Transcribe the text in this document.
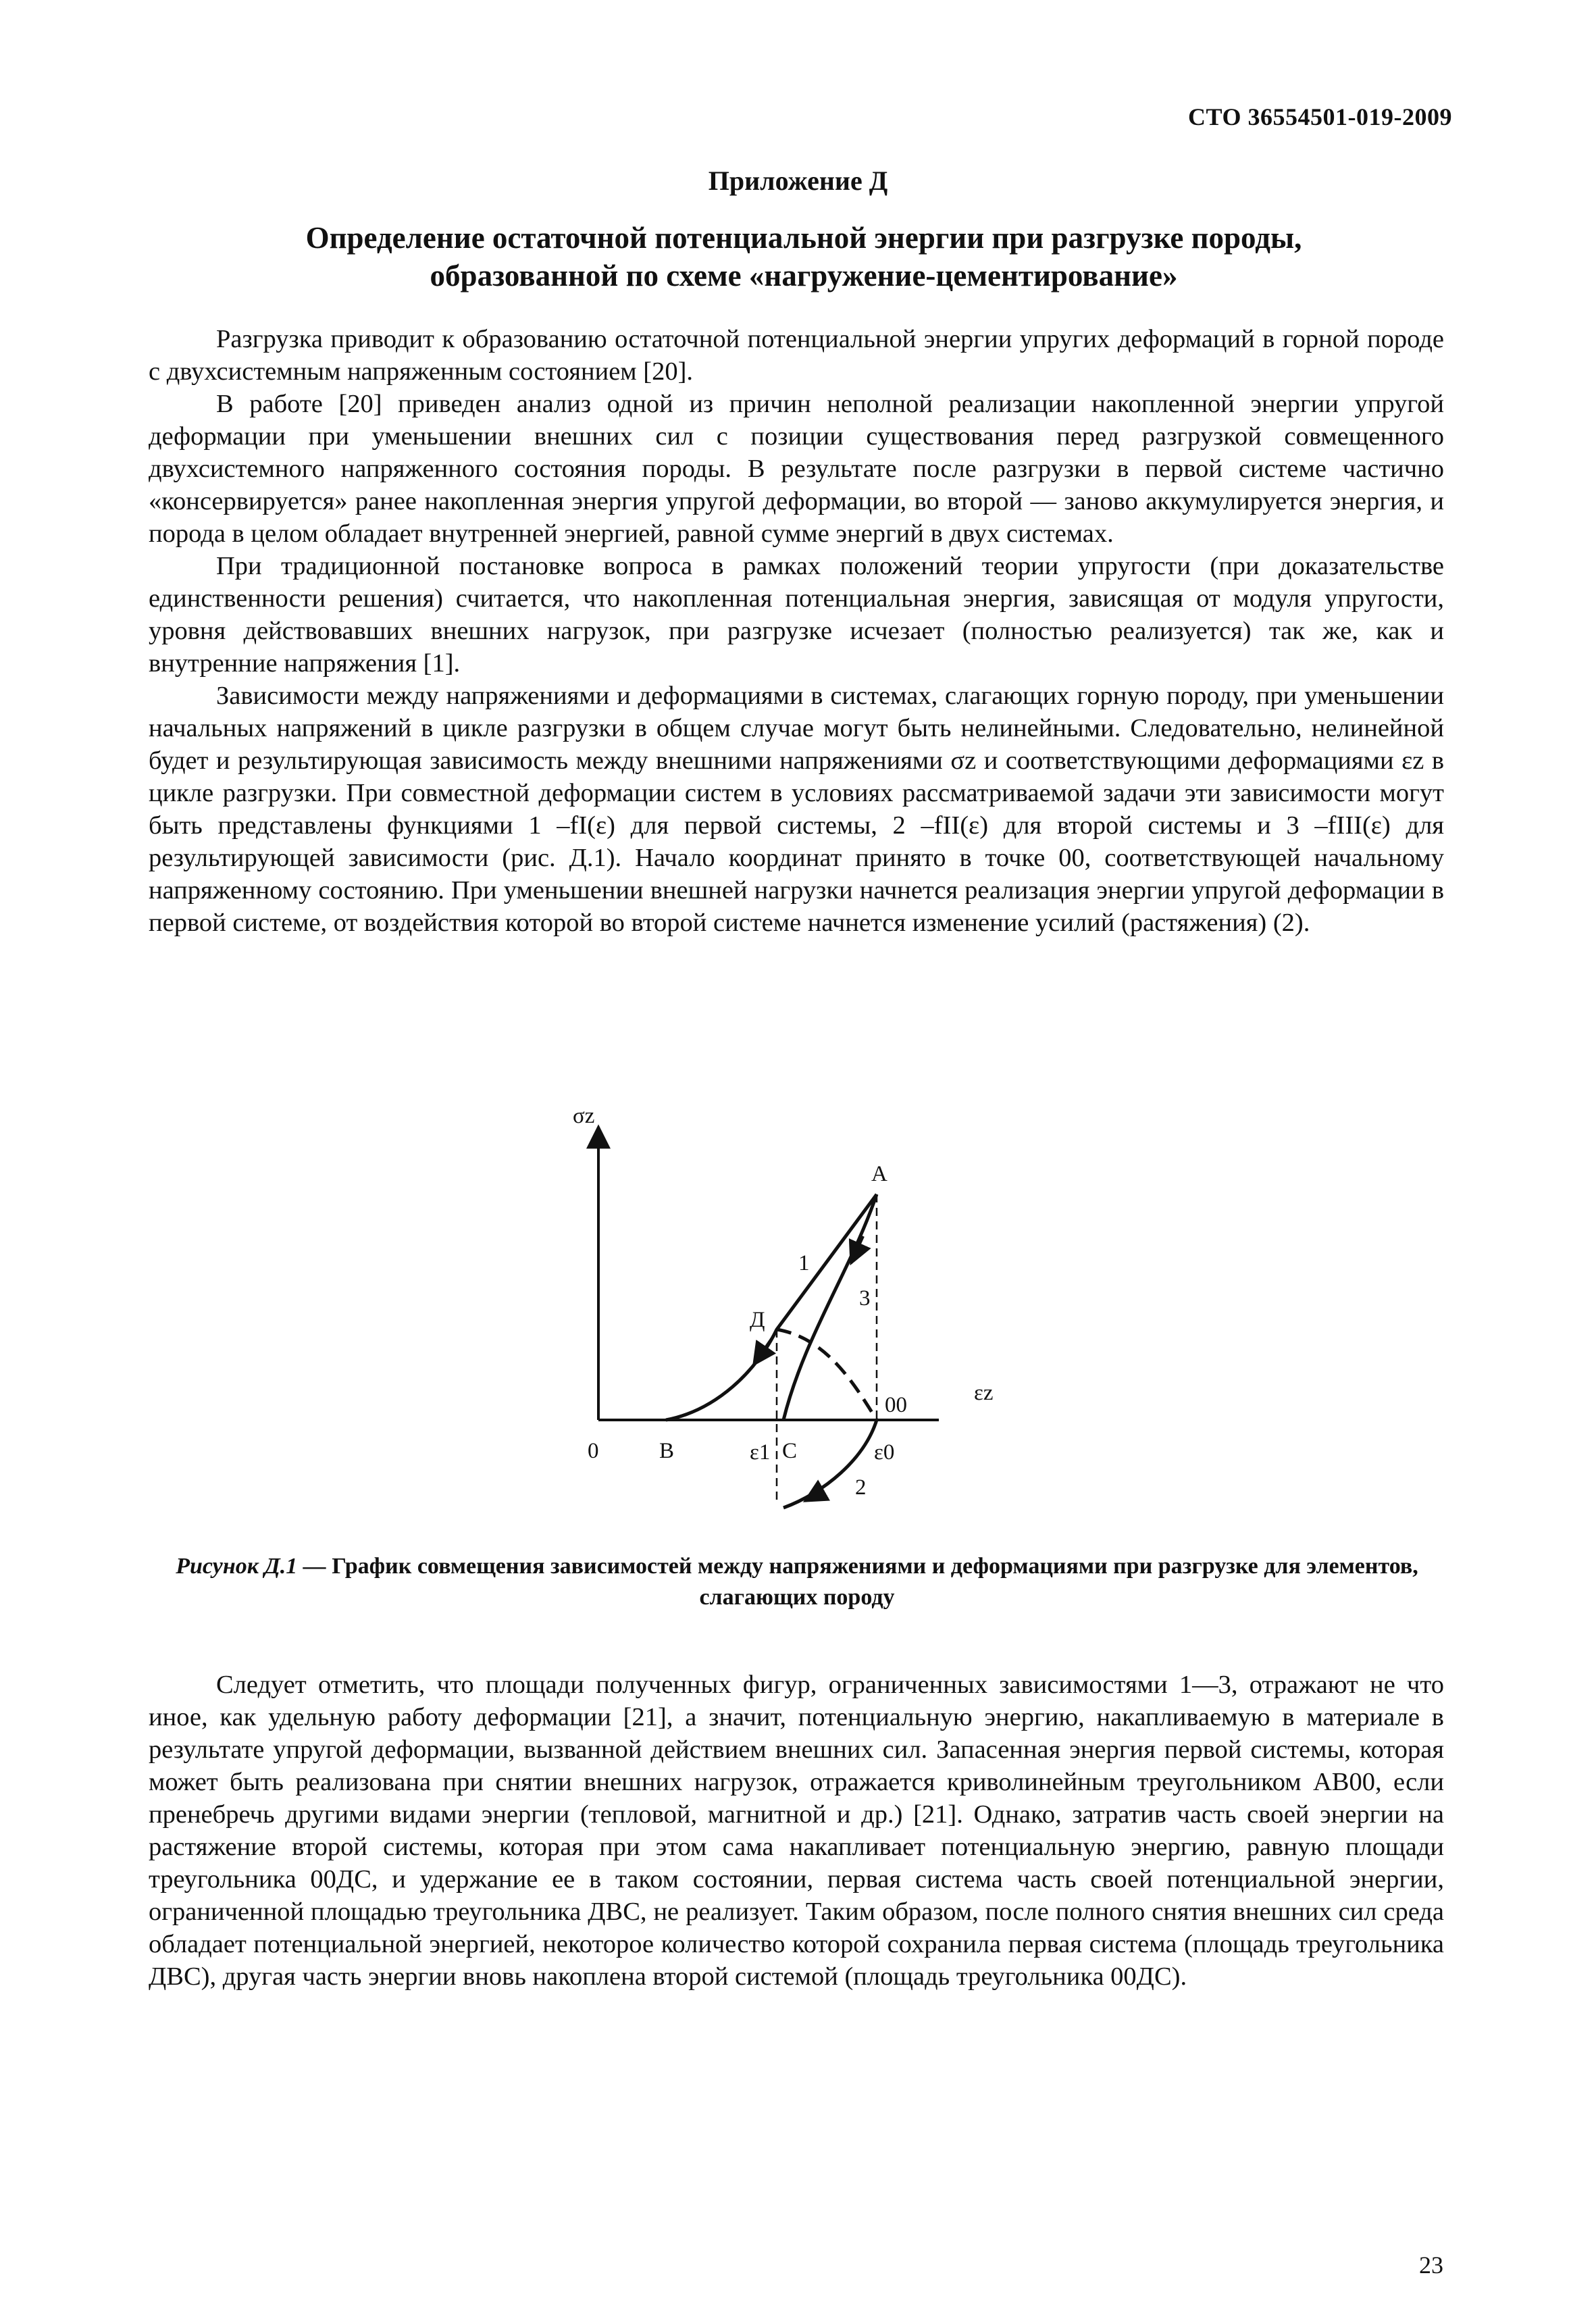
СТО 36554501-019-2009
Приложение Д
Определение остаточной потенциальной энергии при разгрузке породы,
образованной по схеме «нагружение-цементирование»

Разгрузка приводит к образованию остаточной потенциальной энергии упругих деформаций в горной породе с двухсистемным напряженным состоянием [20].

В работе [20] приведен анализ одной из причин неполной реализации накопленной энергии упругой деформации при уменьшении внешних сил с позиции существования перед разгрузкой совмещенного двухсистемного напряженного состояния породы. В результате после разгрузки в первой системе частично «консервируется» ранее накопленная энергия упругой деформации, во второй — заново аккумулируется энергия, и порода в целом обладает внутренней энергией, равной сумме энергий в двух системах.

При традиционной постановке вопроса в рамках положений теории упругости (при доказательстве единственности решения) считается, что накопленная потенциальная энергия, зависящая от модуля упругости, уровня действовавших внешних нагрузок, при разгрузке исчезает (полностью реализуется) так же, как и внутренние напряжения [1].

Зависимости между напряжениями и деформациями в системах, слагающих горную породу, при уменьшении начальных напряжений в цикле разгрузки в общем случае могут быть нелинейными. Следовательно, нелинейной будет и результирующая зависимость между внешними напряжениями σz и соответствующими деформациями εz в цикле разгрузки. При совместной деформации систем в условиях рассматриваемой задачи эти зависимости могут быть представлены функциями 1 –fI(ε) для первой системы, 2 –fII(ε) для второй системы и 3 –fIII(ε) для результирующей зависимости (рис. Д.1). Начало координат принято в точке 00, соответствующей начальному напряженному состоянию. При уменьшении внешней нагрузки начнется реализация энергии упругой деформации в первой системе, от воздействия которой во второй системе начнется изменение усилий (растяжения) (2).

σz
εz
0
A
Д
B	ε1 C	ε0
00
1
3
2
Рисунок Д.1 — График совмещения зависимостей между напряжениями и деформациями при разгрузке для элементов, слагающих породу

Следует отметить, что площади полученных фигур, ограниченных зависимостями 1—3, отражают не что иное, как удельную работу деформации [21], а значит, потенциальную энергию, накапливаемую в материале в результате упругой деформации, вызванной действием внешних сил. Запасенная энергия первой системы, которая может быть реализована при снятии внешних нагрузок, отражается криволинейным треугольником АВ00, если пренебречь другими видами энергии (тепловой, магнитной и др.) [21]. Однако, затратив часть своей энергии на растяжение второй системы, которая при этом сама накапливает потенциальную энергию, равную площади треугольника 00ДС, и удержание ее в таком состоянии, первая система часть своей потенциальной энергии, ограниченной площадью треугольника ДВС, не реализует. Таким образом, после полного снятия внешних сил среда обладает потенциальной энергией, некоторое количество которой сохранила первая система (площадь треугольника ДВС), другая часть энергии вновь накоплена второй системой (площадь треугольника 00ДС).

23
